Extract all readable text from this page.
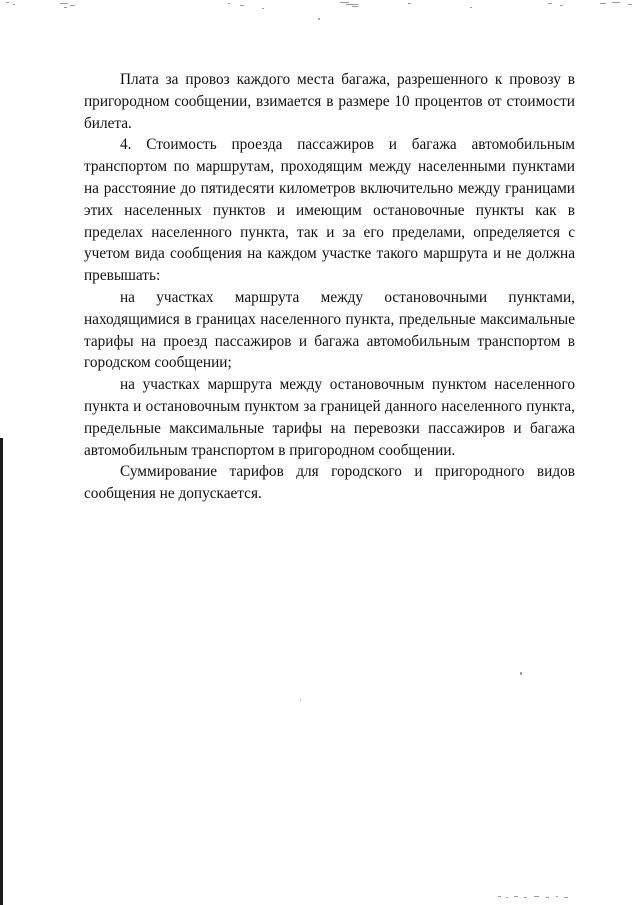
Плата за провоз каждого места багажа, разрешенного к провозу в пригородном сообщении, взимается в размере 10 процентов от стоимости билета.

4. Стоимость проезда пассажиров и багажа автомобильным транспортом по маршрутам, проходящим между населенными пунктами на расстояние до пятидесяти километров включительно между границами этих населенных пунктов и имеющим остановочные пункты как в пределах населенного пункта, так и за его пределами, определяется с учетом вида сообщения на каждом участке такого маршрута и не должна превышать:

на участках маршрута между остановочными пунктами, находящимися в границах населенного пункта, предельные максимальные тарифы на проезд пассажиров и багажа автомобильным транспортом в городском сообщении;

на участках маршрута между остановочным пунктом населенного пункта и остановочным пунктом за границей данного населенного пункта, предельные максимальные тарифы на перевозки пассажиров и багажа автомобильным транспортом в пригородном сообщении.

Суммирование тарифов для городского и пригородного видов сообщения не допускается.
